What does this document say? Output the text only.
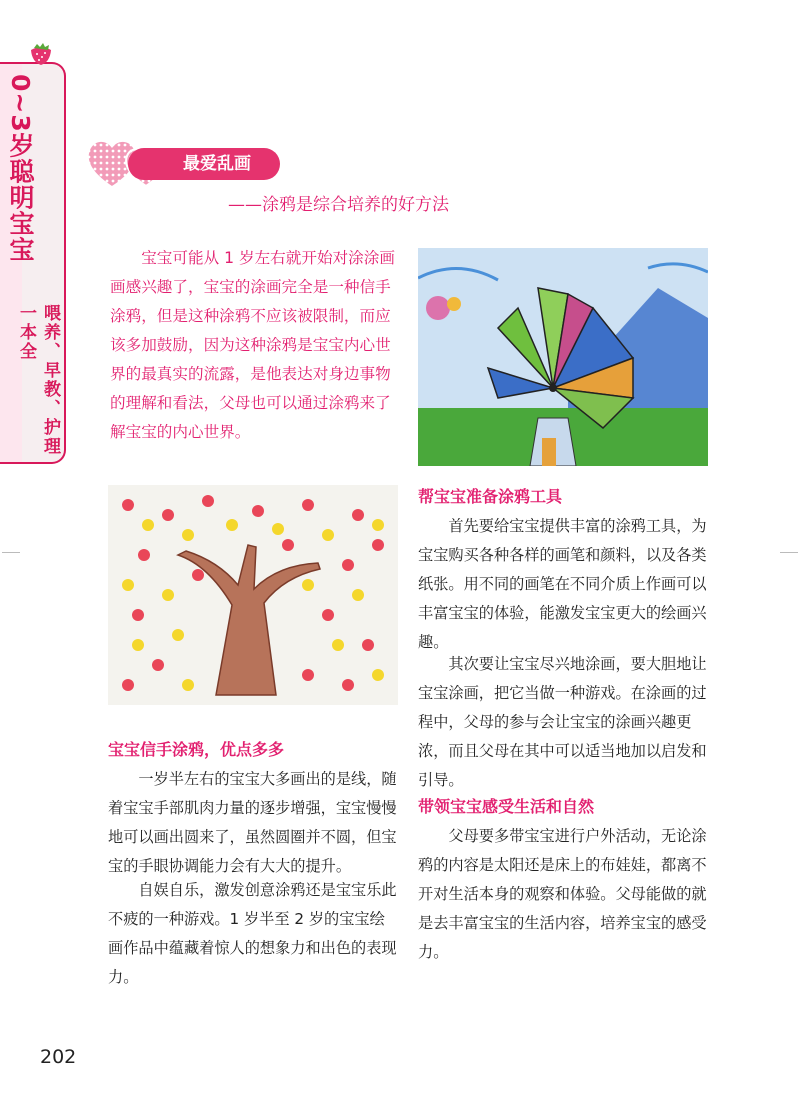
0~3岁聪明宝宝
喂养、早教、护理一本全
最爱乱画
——涂鸦是综合培养的好方法
宝宝可能从 1 岁左右就开始对涂涂画画感兴趣了，宝宝的涂画完全是一种信手涂鸦，但是这种涂鸦不应该被限制，而应该多加鼓励，因为这种涂鸦是宝宝内心世界的最真实的流露，是他表达对身边事物的理解和看法，父母也可以通过涂鸦来了解宝宝的内心世界。
帮宝宝准备涂鸦工具
首先要给宝宝提供丰富的涂鸦工具，为宝宝购买各种各样的画笔和颜料，以及各类纸张。用不同的画笔在不同介质上作画可以丰富宝宝的体验，能激发宝宝更大的绘画兴趣。
其次要让宝宝尽兴地涂画，要大胆地让宝宝涂画，把它当做一种游戏。在涂画的过程中，父母的参与会让宝宝的涂画兴趣更浓，而且父母在其中可以适当地加以启发和引导。
带领宝宝感受生活和自然
父母要多带宝宝进行户外活动，无论涂鸦的内容是太阳还是床上的布娃娃，都离不开对生活本身的观察和体验。父母能做的就是去丰富宝宝的生活内容，培养宝宝的感受力。
宝宝信手涂鸦，优点多多
一岁半左右的宝宝大多画出的是线，随着宝宝手部肌肉力量的逐步增强，宝宝慢慢地可以画出圆来了，虽然圆圈并不圆，但宝宝的手眼协调能力会有大大的提升。
自娱自乐，激发创意涂鸦还是宝宝乐此不疲的一种游戏。1 岁半至 2 岁的宝宝绘画作品中蕴藏着惊人的想象力和出色的表现力。
202
